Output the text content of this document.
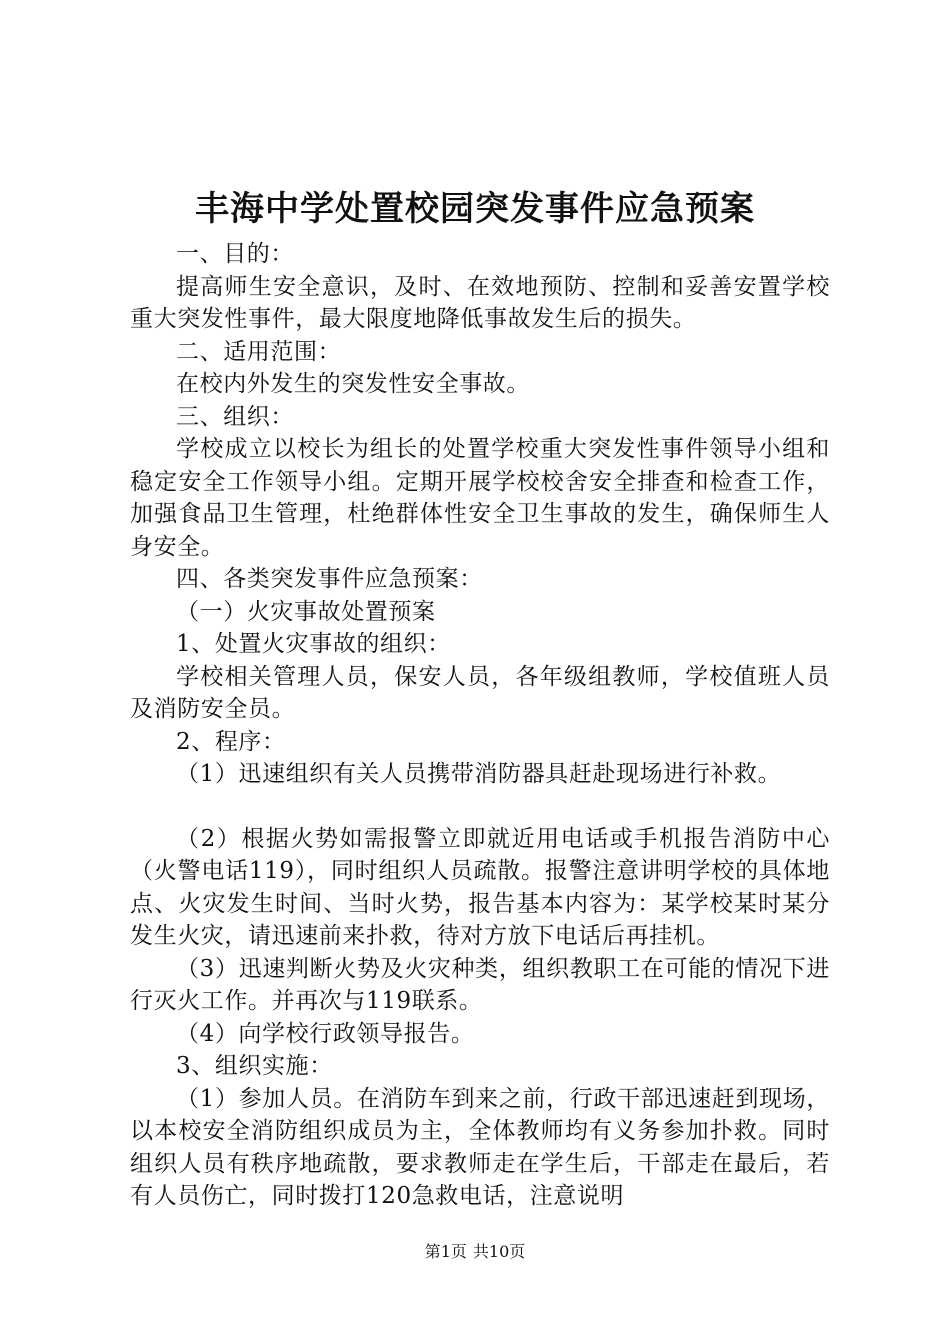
丰海中学处置校园突发事件应急预案

一、目的：

提高师生安全意识，及时、在效地预防、控制和妥善安置学校重大突发性事件，最大限度地降低事故发生后的损失。

二、适用范围：

在校内外发生的突发性安全事故。

三、组织：

学校成立以校长为组长的处置学校重大突发性事件领导小组和稳定安全工作领导小组。定期开展学校校舍安全排查和检查工作，加强食品卫生管理，杜绝群体性安全卫生事故的发生，确保师生人身安全。

四、各类突发事件应急预案：

（一）火灾事故处置预案

1、处置火灾事故的组织：

学校相关管理人员，保安人员，各年级组教师，学校值班人员及消防安全员。

2、程序：

（1）迅速组织有关人员携带消防器具赶赴现场进行补救。

（2）根据火势如需报警立即就近用电话或手机报告消防中心（火警电话119），同时组织人员疏散。报警注意讲明学校的具体地点、火灾发生时间、当时火势，报告基本内容为：某学校某时某分发生火灾，请迅速前来扑救，待对方放下电话后再挂机。

（3）迅速判断火势及火灾种类，组织教职工在可能的情况下进行灭火工作。并再次与119联系。

（4）向学校行政领导报告。

3、组织实施：

（1）参加人员。在消防车到来之前，行政干部迅速赶到现场，以本校安全消防组织成员为主，全体教师均有义务参加扑救。同时组织人员有秩序地疏散，要求教师走在学生后，干部走在最后，若有人员伤亡，同时拨打120急救电话，注意说明

第1页 共10页
